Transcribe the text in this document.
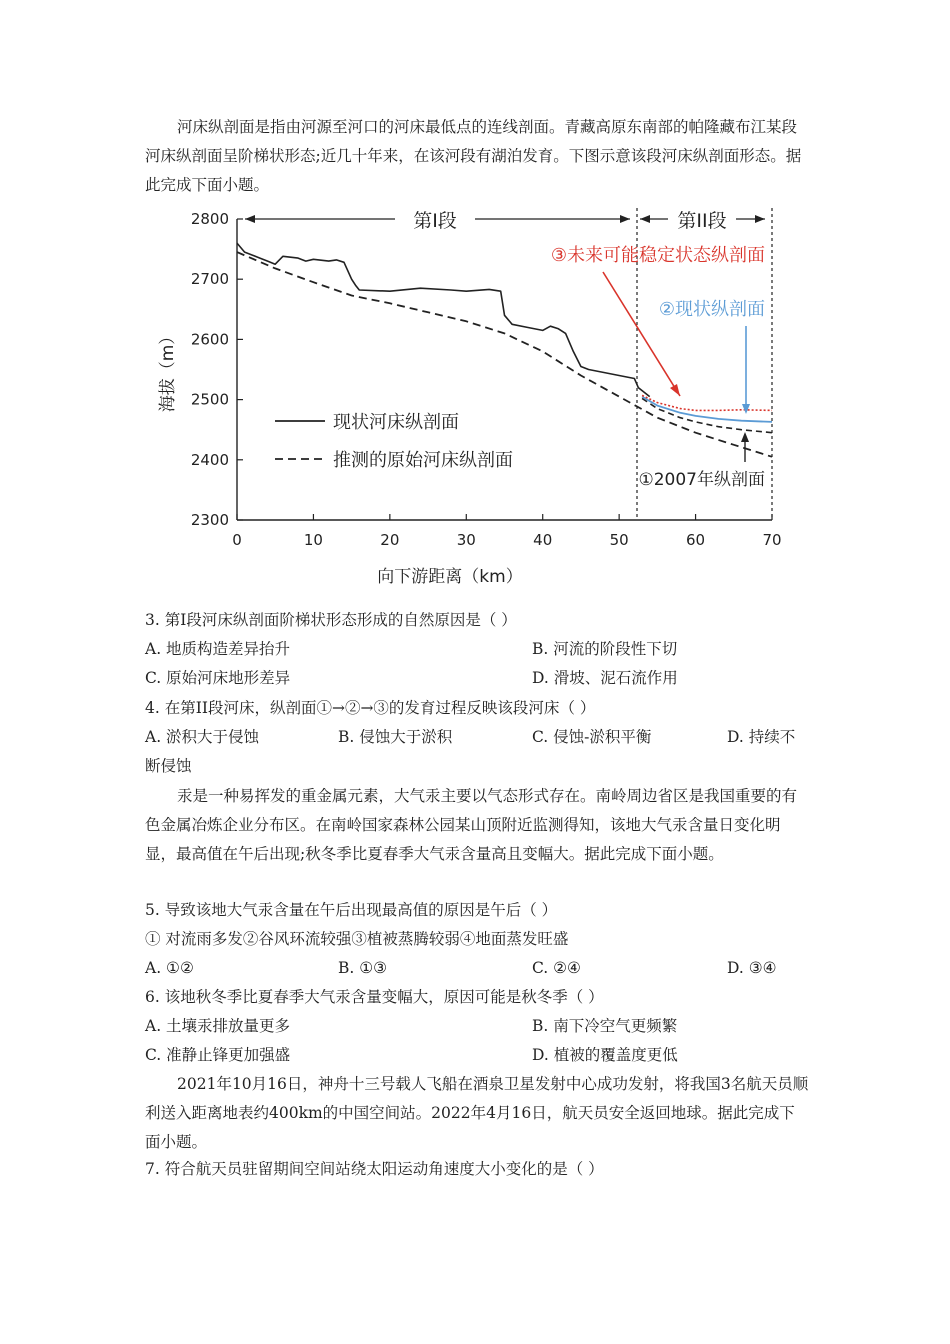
河床纵剖面是指由河源至河口的河床最低点的连线剖面。青藏高原东南部的帕隆藏布江某段河床纵剖面呈阶梯状形态;近几十年来，在该河段有湖泊发育。下图示意该段河床纵剖面形态。据此完成下面小题。
0	10	20	30	40	50	60	70
2300
2400
2500
2600
2700
2800	第I段	第II段
③未来可能稳定状态纵剖面
②现状纵剖面
①2007年纵剖面
现状河床纵剖面
推测的原始河床纵剖面
向下游距离（km）
海拔（m）
3. 第I段河床纵剖面阶梯状形态形成的自然原因是（ ）
A. 地质构造差异抬升	B. 河流的阶段性下切
C. 原始河床地形差异	D. 滑坡、泥石流作用
4. 在第II段河床，纵剖面①→②→③的发育过程反映该段河床（ ）
A. 淤积大于侵蚀	B. 侵蚀大于淤积	C. 侵蚀-淤积平衡	D. 持续不
断侵蚀
汞是一种易挥发的重金属元素，大气汞主要以气态形式存在。南岭周边省区是我国重要的有色金属冶炼企业分布区。在南岭国家森林公园某山顶附近监测得知，该地大气汞含量日变化明显，最高值在午后出现;秋冬季比夏春季大气汞含量高且变幅大。据此完成下面小题。
5. 导致该地大气汞含量在午后出现最高值的原因是午后（ ）
① 对流雨多发②谷风环流较强③植被蒸腾较弱④地面蒸发旺盛
A. ①②	B. ①③	C. ②④	D. ③④
6. 该地秋冬季比夏春季大气汞含量变幅大，原因可能是秋冬季（ ）
A. 土壤汞排放量更多	B. 南下冷空气更频繁
C. 准静止锋更加强盛	D. 植被的覆盖度更低
2021年10月16日，神舟十三号载人飞船在酒泉卫星发射中心成功发射，将我国3名航天员顺利送入距离地表约400km的中国空间站。2022年4月16日，航天员安全返回地球。据此完成下面小题。
7. 符合航天员驻留期间空间站绕太阳运动角速度大小变化的是（ ）
